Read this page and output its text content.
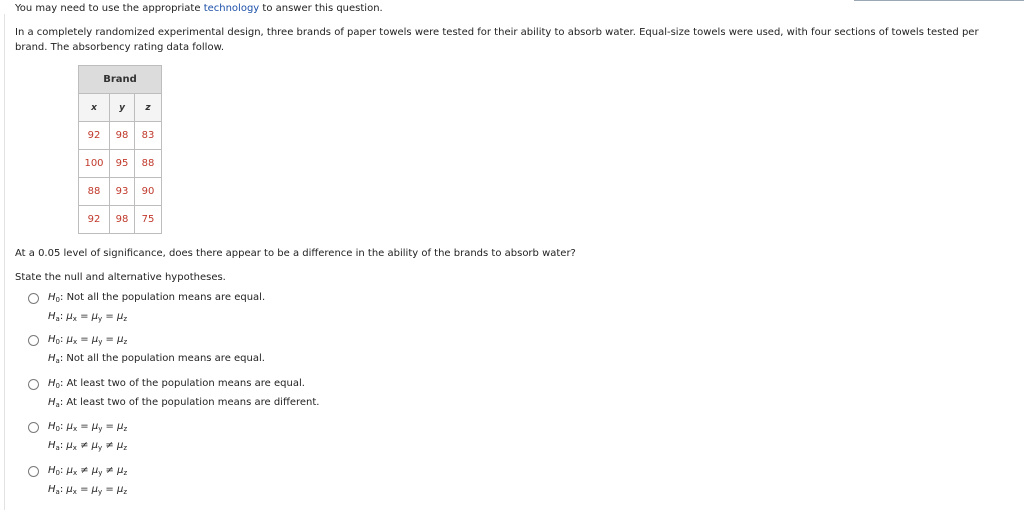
You may need to use the appropriate technology to answer this question.

In a completely randomized experimental design, three brands of paper towels were tested for their ability to absorb water. Equal-size towels were used, with four sections of towels tested per

brand. The absorbency rating data follow.

Brand		
x	y	z
92	98	83
100	95	88
88	93	90
92	98	75

At a 0.05 level of significance, does there appear to be a difference in the ability of the brands to absorb water?

State the null and alternative hypotheses.

$H_0$: Not all the population means are equal.
$H_a$: $\mu_x = \mu_y = \mu_z$
$H_0$: $\mu_x = \mu_y = \mu_z$
$H_a$: Not all the population means are equal.
$H_0$: At least two of the population means are equal.
$H_a$: At least two of the population means are different.
$H_0$: $\mu_x = \mu_y = \mu_z$
$H_a$: $\mu_x \ne \mu_y \ne \mu_z$
$H_0$: $\mu_x \ne \mu_y \ne \mu_z$
$H_a$: $\mu_x = \mu_y = \mu_z$
